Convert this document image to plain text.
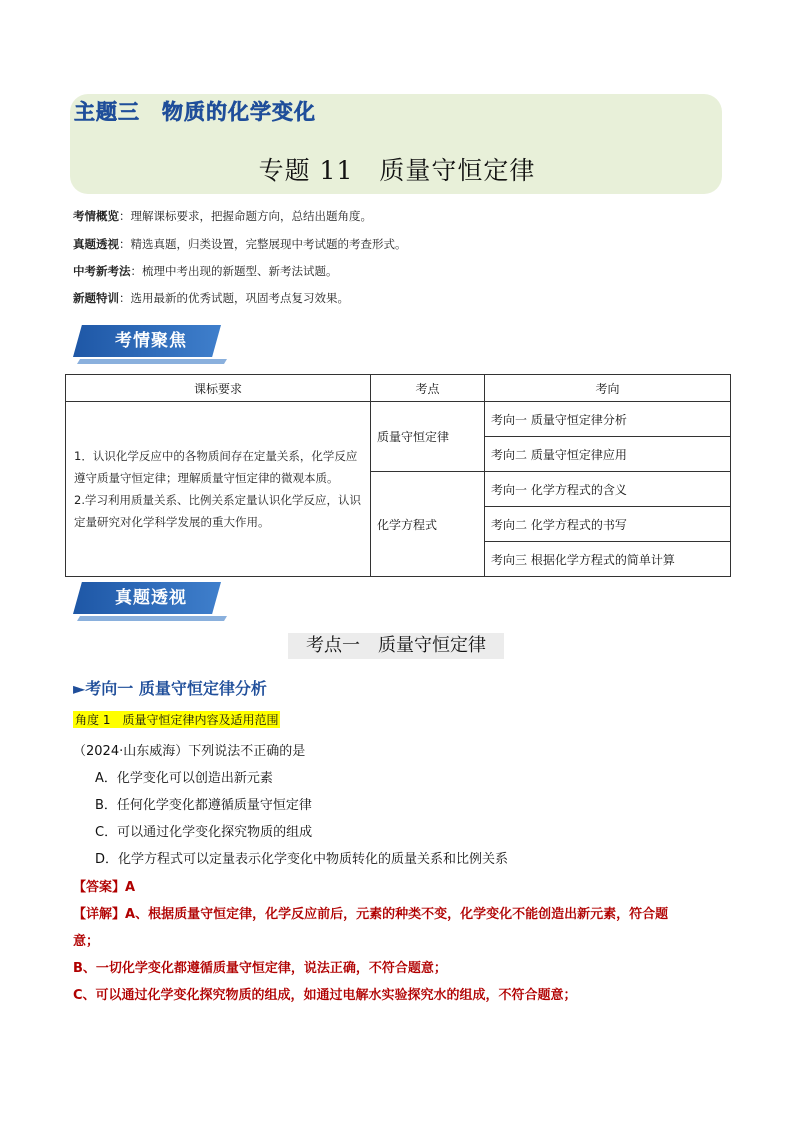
主题三　物质的化学变化
专题 11　质量守恒定律
考情概览：理解课标要求，把握命题方向，总结出题角度。
真题透视：精选真题，归类设置，完整展现中考试题的考查形式。
中考新考法：梳理中考出现的新题型、新考法试题。
新题特训：选用最新的优秀试题，巩固考点复习效果。
考情聚焦
课标要求	考点	考向

1．认识化学反应中的各物质间存在定量关系，化学反应遵守质量守恒定律；理解质量守恒定律的微观本质。
2.学习利用质量关系、比例关系定量认识化学反应，认识定量研究对化学科学发展的重大作用。	质量守恒定律	考向一 质量守恒定律分析
		考向二 质量守恒定律应用
	化学方程式	考向一 化学方程式的含义
		考向二 化学方程式的书写
		考向三 根据化学方程式的简单计算
真题透视
考点一　质量守恒定律
►考向一 质量守恒定律分析
角度 1　质量守恒定律内容及适用范围
（2024·山东威海）下列说法不正确的是
A．化学变化可以创造出新元素
B．任何化学变化都遵循质量守恒定律
C．可以通过化学变化探究物质的组成
D．化学方程式可以定量表示化学变化中物质转化的质量关系和比例关系
【答案】A
【详解】A、根据质量守恒定律，化学反应前后，元素的种类不变，化学变化不能创造出新元素，符合题
意；
B、一切化学变化都遵循质量守恒定律，说法正确，不符合题意；
C、可以通过化学变化探究物质的组成，如通过电解水实验探究水的组成，不符合题意；
